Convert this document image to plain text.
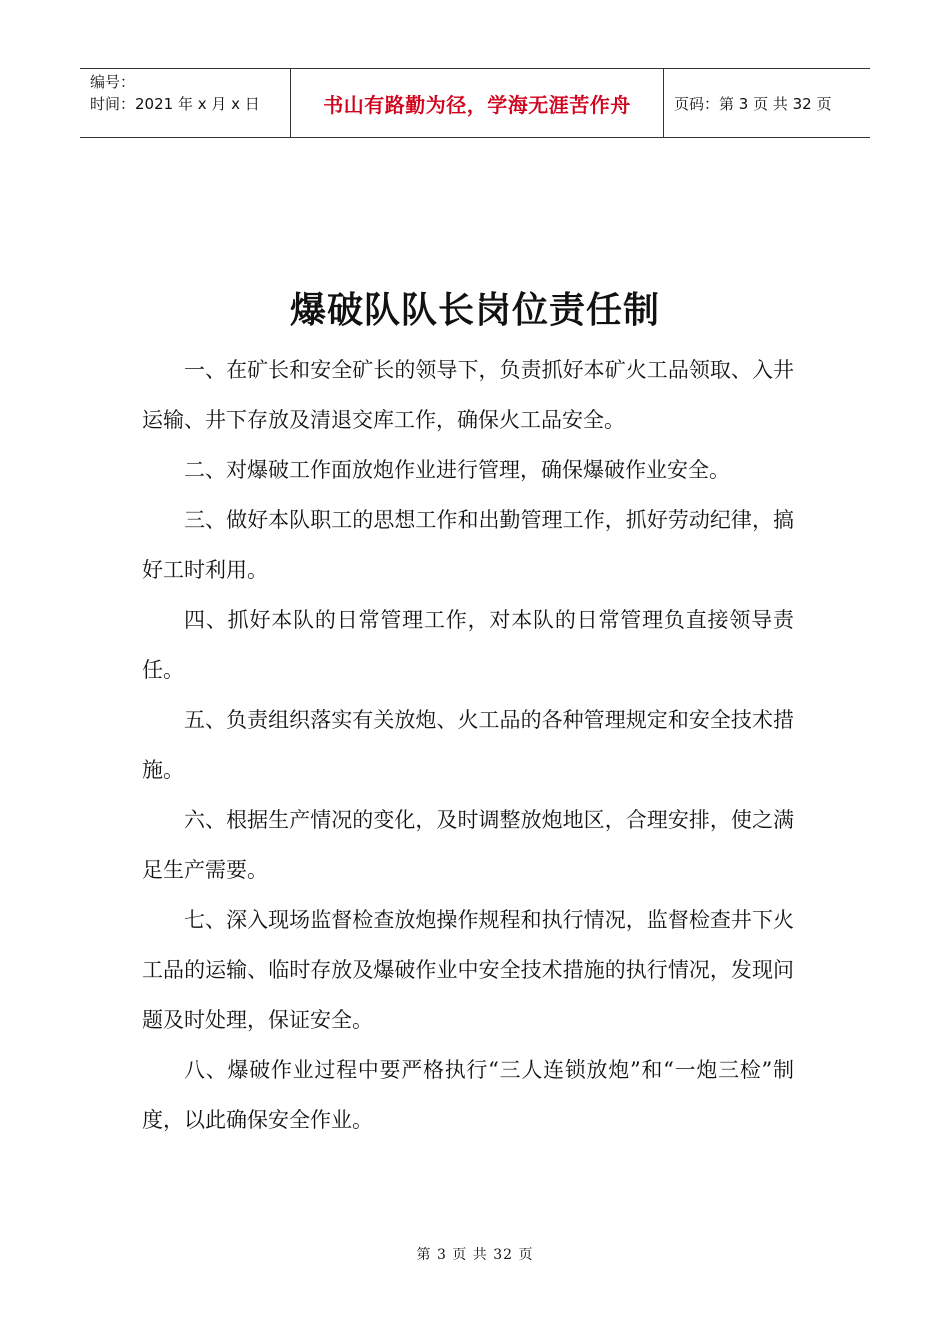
编号：
时间：2021 年 x 月 x 日	书山有路勤为径，学海无涯苦作舟	页码：第 3 页 共 32 页
爆破队队长岗位责任制

一、在矿长和安全矿长的领导下，负责抓好本矿火工品领取、入井运输、井下存放及清退交库工作，确保火工品安全。

二、对爆破工作面放炮作业进行管理，确保爆破作业安全。

三、做好本队职工的思想工作和出勤管理工作，抓好劳动纪律，搞好工时利用。

四、抓好本队的日常管理工作，对本队的日常管理负直接领导责任。

五、负责组织落实有关放炮、火工品的各种管理规定和安全技术措施。

六、根据生产情况的变化，及时调整放炮地区，合理安排，使之满足生产需要。

七、深入现场监督检查放炮操作规程和执行情况，监督检查井下火工品的运输、临时存放及爆破作业中安全技术措施的执行情况，发现问题及时处理，保证安全。

八、爆破作业过程中要严格执行“三人连锁放炮”和“一炮三检”制度，以此确保安全作业。

第 3 页 共 32 页
